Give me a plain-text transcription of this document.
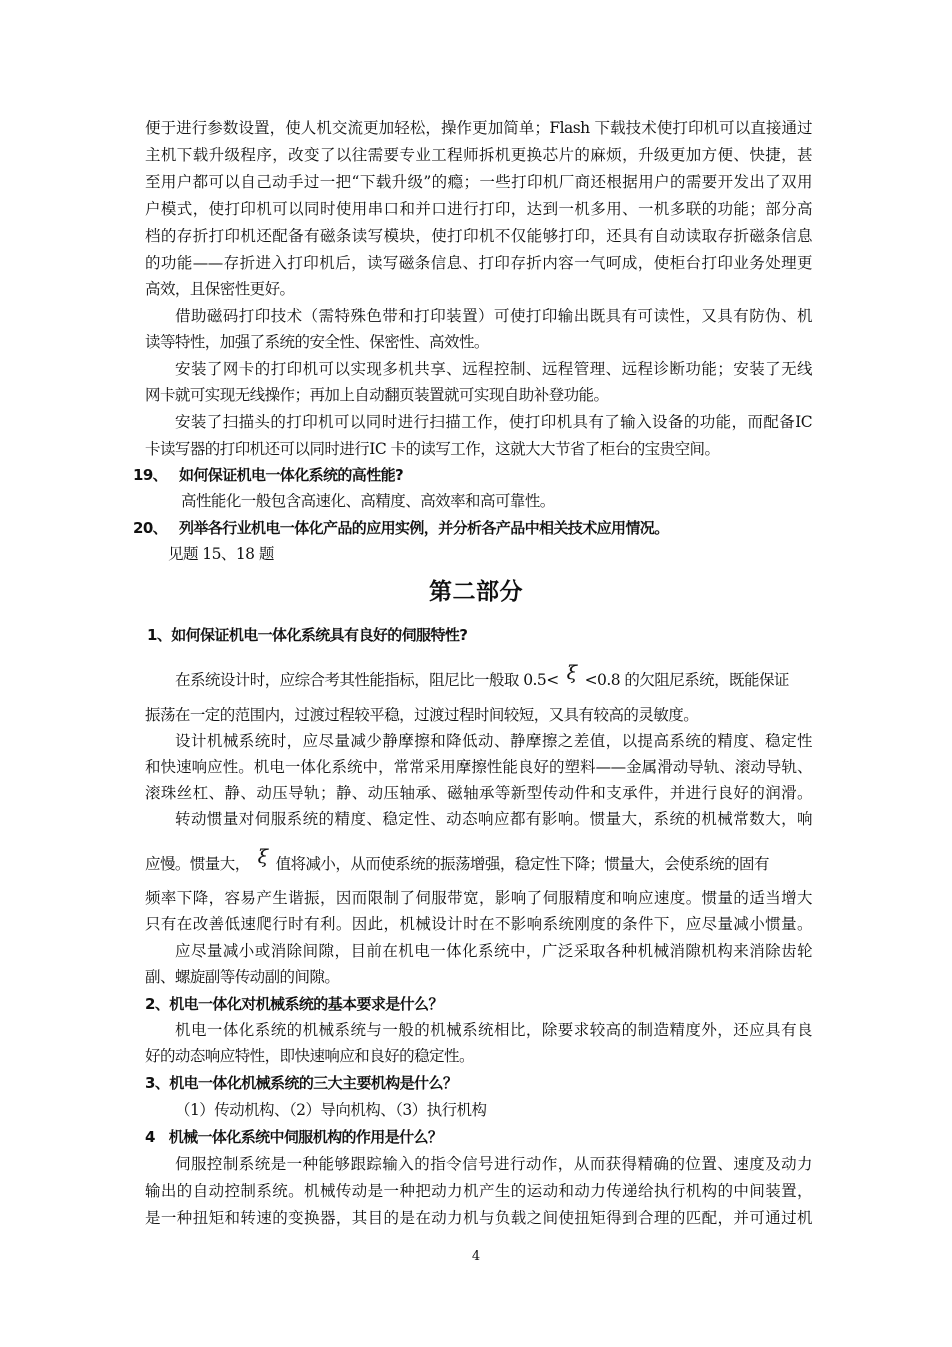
便于进行参数设置，使人机交流更加轻松，操作更加简单；Flash 下载技术使打印机可以直接通过
主机下载升级程序，改变了以往需要专业工程师拆机更换芯片的麻烦，升级更加方便、快捷，甚
至用户都可以自己动手过一把“下载升级”的瘾；一些打印机厂商还根据用户的需要开发出了双用
户模式，使打印机可以同时使用串口和并口进行打印，达到一机多用、一机多联的功能；部分高
档的存折打印机还配备有磁条读写模块，使打印机不仅能够打印，还具有自动读取存折磁条信息
的功能——存折进入打印机后，读写磁条信息、打印存折内容一气呵成，使柜台打印业务处理更
高效，且保密性更好。
借助磁码打印技术（需特殊色带和打印装置）可使打印输出既具有可读性，又具有防伪、机
读等特性，加强了系统的安全性、保密性、高效性。
安装了网卡的打印机可以实现多机共享、远程控制、远程管理、远程诊断功能；安装了无线
网卡就可实现无线操作；再加上自动翻页装置就可实现自助补登功能。
安装了扫描头的打印机可以同时进行扫描工作，使打印机具有了输入设备的功能，而配备IC
卡读写器的打印机还可以同时进行IC 卡的读写工作，这就大大节省了柜台的宝贵空间。
19、 如何保证机电一体化系统的高性能?
高性能化一般包含高速化、高精度、高效率和高可靠性。
20、 列举各行业机电一体化产品的应用实例，并分析各产品中相关技术应用情况。
见题 15、18 题
第二部分
1、如何保证机电一体化系统具有良好的伺服特性?
在系统设计时，应综合考其性能指标，阻尼比一般取 0.5< ξ <0.8 的欠阻尼系统，既能保证
振荡在一定的范围内，过渡过程较平稳，过渡过程时间较短，又具有较高的灵敏度。
设计机械系统时，应尽量减少静摩擦和降低动、静摩擦之差值，以提高系统的精度、稳定性
和快速响应性。机电一体化系统中，常常采用摩擦性能良好的塑料——金属滑动导轨、滚动导轨、
滚珠丝杠、静、动压导轨；静、动压轴承、磁轴承等新型传动件和支承件，并进行良好的润滑。
转动惯量对伺服系统的精度、稳定性、动态响应都有影响。惯量大，系统的机械常数大，响
应慢。惯量大， ξ 值将减小，从而使系统的振荡增强，稳定性下降；惯量大，会使系统的固有
频率下降，容易产生谐振，因而限制了伺服带宽，影响了伺服精度和响应速度。惯量的适当增大
只有在改善低速爬行时有利。因此，机械设计时在不影响系统刚度的条件下，应尽量减小惯量。
应尽量减小或消除间隙，目前在机电一体化系统中，广泛采取各种机械消隙机构来消除齿轮
副、螺旋副等传动副的间隙。
2、机电一体化对机械系统的基本要求是什么？
机电一体化系统的机械系统与一般的机械系统相比，除要求较高的制造精度外，还应具有良
好的动态响应特性，即快速响应和良好的稳定性。
3、机电一体化机械系统的三大主要机构是什么？
（1）传动机构、（2）导向机构、（3）执行机构
4   机械一体化系统中伺服机构的作用是什么？
伺服控制系统是一种能够跟踪输入的指令信号进行动作，从而获得精确的位置、速度及动力
输出的自动控制系统。机械传动是一种把动力机产生的运动和动力传递给执行机构的中间装置，
是一种扭矩和转速的变换器，其目的是在动力机与负载之间使扭矩得到合理的匹配，并可通过机
4
